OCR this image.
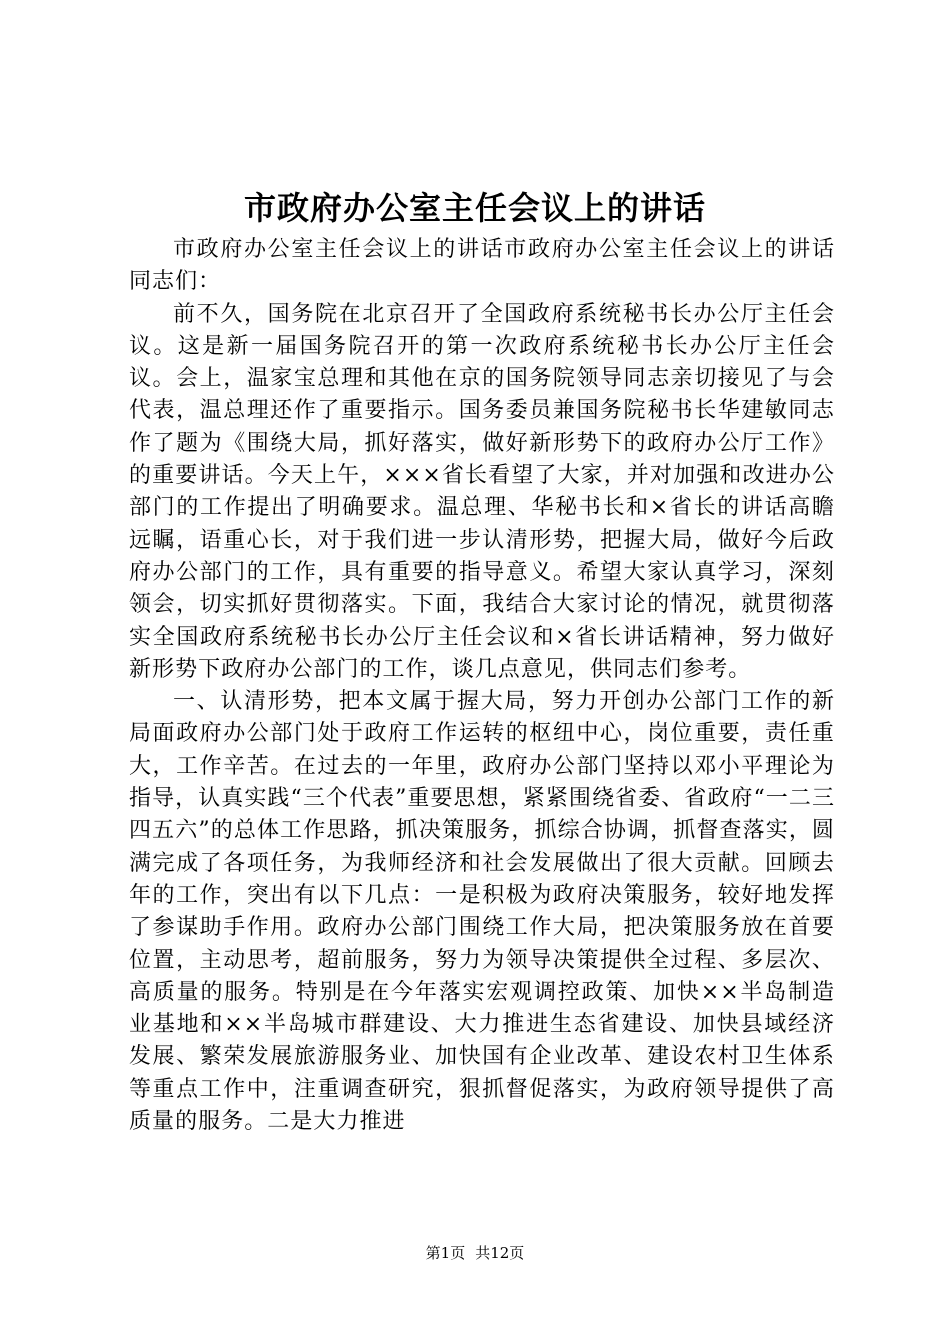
市政府办公室主任会议上的讲话

市政府办公室主任会议上的讲话市政府办公室主任会议上的讲话同志们：

前不久，国务院在北京召开了全国政府系统秘书长办公厅主任会议。这是新一届国务院召开的第一次政府系统秘书长办公厅主任会议。会上，温家宝总理和其他在京的国务院领导同志亲切接见了与会代表，温总理还作了重要指示。国务委员兼国务院秘书长华建敏同志作了题为《围绕大局，抓好落实，做好新形势下的政府办公厅工作》的重要讲话。今天上午，×××省长看望了大家，并对加强和改进办公部门的工作提出了明确要求。温总理、华秘书长和×省长的讲话高瞻远瞩，语重心长，对于我们进一步认清形势，把握大局，做好今后政府办公部门的工作，具有重要的指导意义。希望大家认真学习，深刻领会，切实抓好贯彻落实。下面，我结合大家讨论的情况，就贯彻落实全国政府系统秘书长办公厅主任会议和×省长讲话精神，努力做好新形势下政府办公部门的工作，谈几点意见，供同志们参考。

一、认清形势，把本文属于握大局，努力开创办公部门工作的新局面政府办公部门处于政府工作运转的枢纽中心，岗位重要，责任重大，工作辛苦。在过去的一年里，政府办公部门坚持以邓小平理论为指导，认真实践“三个代表”重要思想，紧紧围绕省委、省政府“一二三四五六”的总体工作思路，抓决策服务，抓综合协调，抓督查落实，圆满完成了各项任务，为我师经济和社会发展做出了很大贡献。回顾去年的工作，突出有以下几点：一是积极为政府决策服务，较好地发挥了参谋助手作用。政府办公部门围绕工作大局，把决策服务放在首要位置，主动思考，超前服务，努力为领导决策提供全过程、多层次、高质量的服务。特别是在今年落实宏观调控政策、加快××半岛制造业基地和××半岛城市群建设、大力推进生态省建设、加快县域经济发展、繁荣发展旅游服务业、加快国有企业改革、建设农村卫生体系等重点工作中，注重调查研究，狠抓督促落实，为政府领导提供了高质量的服务。二是大力推进

第1页 共12页
